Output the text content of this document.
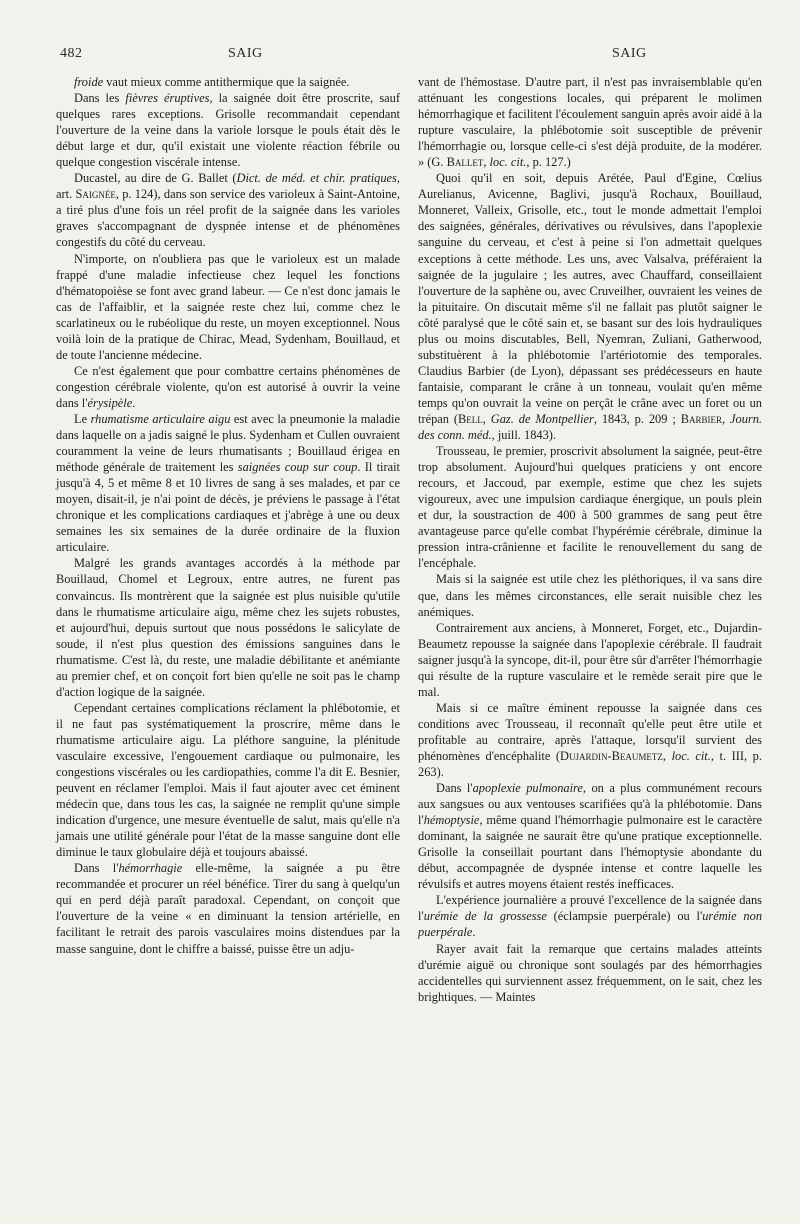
482	SAIG	SAIG

froide vaut mieux comme antithermique que la saignée.

Dans les fièvres éruptives, la saignée doit être proscrite, sauf quelques rares exceptions. Grisolle recommandait cependant l'ouverture de la veine dans la variole lorsque le pouls était dès le début large et dur, qu'il existait une violente réaction fébrile ou quelque congestion viscérale intense.

Ducastel, au dire de G. Ballet (Dict. de méd. et chir. pratiques, art. Saignée, p. 124), dans son service des varioleux à Saint-Antoine, a tiré plus d'une fois un réel profit de la saignée dans les varioles graves s'accompagnant de dyspnée intense et de phénomènes congestifs du côté du cerveau.

N'importe, on n'oubliera pas que le varioleux est un malade frappé d'une maladie infectieuse chez lequel les fonctions d'hématopoièse se font avec grand labeur. — Ce n'est donc jamais le cas de l'affaiblir, et la saignée reste chez lui, comme chez le scarlatineux ou le rubéolique du reste, un moyen exceptionnel. Nous voilà loin de la pratique de Chirac, Mead, Sydenham, Bouillaud, et de toute l'ancienne médecine.

Ce n'est également que pour combattre certains phénomènes de congestion cérébrale violente, qu'on est autorisé à ouvrir la veine dans l'érysipèle.

Le rhumatisme articulaire aigu est avec la pneumonie la maladie dans laquelle on a jadis saigné le plus. Sydenham et Cullen ouvraient couramment la veine de leurs rhumatisants ; Bouillaud érigea en méthode générale de traitement les saignées coup sur coup. Il tirait jusqu'à 4, 5 et même 8 et 10 livres de sang à ses malades, et par ce moyen, disait-il, je n'ai point de décès, je préviens le passage à l'état chronique et les complications cardiaques et j'abrège à une ou deux semaines les six semaines de la durée ordinaire de la fluxion articulaire.

Malgré les grands avantages accordés à la méthode par Bouillaud, Chomel et Legroux, entre autres, ne furent pas convaincus. Ils montrèrent que la saignée est plus nuisible qu'utile dans le rhumatisme articulaire aigu, même chez les sujets robustes, et aujourd'hui, depuis surtout que nous possédons le salicylate de soude, il n'est plus question des émissions sanguines dans le rhumatisme. C'est là, du reste, une maladie débilitante et anémiante au premier chef, et on conçoit fort bien qu'elle ne soit pas le champ d'action logique de la saignée.

Cependant certaines complications réclament la phlébotomie, et il ne faut pas systématiquement la proscrire, même dans le rhumatisme articulaire aigu. La pléthore sanguine, la plénitude vasculaire excessive, l'engouement cardiaque ou pulmonaire, les congestions viscérales ou les cardiopathies, comme l'a dit E. Besnier, peuvent en réclamer l'emploi. Mais il faut ajouter avec cet éminent médecin que, dans tous les cas, la saignée ne remplit qu'une simple indication d'urgence, une mesure éventuelle de salut, mais qu'elle n'a jamais une utilité générale pour l'état de la masse sanguine dont elle diminue le taux globulaire déjà et toujours abaissé.

Dans l'hémorrhagie elle-même, la saignée a pu être recommandée et procurer un réel bénéfice. Tirer du sang à quelqu'un qui en perd déjà paraît paradoxal. Cependant, on conçoit que l'ouverture de la veine « en diminuant la tension artérielle, en facilitant le retrait des parois vasculaires moins distendues par la masse sanguine, dont le chiffre a baissé, puisse être un adju-

vant de l'hémostase. D'autre part, il n'est pas invraisemblable qu'en atténuant les congestions locales, qui préparent le molimen hémorrhagique et facilitent l'écoulement sanguin après avoir aidé à la rupture vasculaire, la phlébotomie soit susceptible de prévenir l'hémorrhagie ou, lorsque celle-ci s'est déjà produite, de la modérer. » (G. Ballet, loc. cit., p. 127.)

Quoi qu'il en soit, depuis Arétée, Paul d'Egine, Cœlius Aurelianus, Avicenne, Baglivi, jusqu'à Rochaux, Bouillaud, Monneret, Valleix, Grisolle, etc., tout le monde admettait l'emploi des saignées, générales, dérivatives ou révulsives, dans l'apoplexie sanguine du cerveau, et c'est à peine si l'on admettait quelques exceptions à cette méthode. Les uns, avec Valsalva, préféraient la saignée de la jugulaire ; les autres, avec Chauffard, conseillaient l'ouverture de la saphène ou, avec Cruveilher, ouvraient les veines de la pituitaire. On discutait même s'il ne fallait pas plutôt saigner le côté paralysé que le côté sain et, se basant sur des lois hydrauliques plus ou moins discutables, Bell, Nyemran, Zuliani, Gatherwood, substituèrent à la phlébotomie l'artériotomie des temporales. Claudius Barbier (de Lyon), dépassant ses prédécesseurs en haute fantaisie, comparant le crâne à un tonneau, voulait qu'en même temps qu'on ouvrait la veine on perçât le crâne avec un foret ou un trépan (Bell, Gaz. de Montpellier, 1843, p. 209 ; Barbier, Journ. des conn. méd., juill. 1843).

Trousseau, le premier, proscrivit absolument la saignée, peut-être trop absolument. Aujourd'hui quelques praticiens y ont encore recours, et Jaccoud, par exemple, estime que chez les sujets vigoureux, avec une impulsion cardiaque énergique, un pouls plein et dur, la soustraction de 400 à 500 grammes de sang peut être avantageuse parce qu'elle combat l'hypérémie cérébrale, diminue la pression intra-crânienne et facilite le renouvellement du sang de l'encéphale.

Mais si la saignée est utile chez les pléthoriques, il va sans dire que, dans les mêmes circonstances, elle serait nuisible chez les anémiques.

Contrairement aux anciens, à Monneret, Forget, etc., Dujardin-Beaumetz repousse la saignée dans l'apoplexie cérébrale. Il faudrait saigner jusqu'à la syncope, dit-il, pour être sûr d'arrêter l'hémorrhagie qui résulte de la rupture vasculaire et le remède serait pire que le mal.

Mais si ce maître éminent repousse la saignée dans ces conditions avec Trousseau, il reconnaît qu'elle peut être utile et profitable au contraire, après l'attaque, lorsqu'il survient des phénomènes d'encéphalite (Dujardin-Beaumetz, loc. cit., t. III, p. 263).

Dans l'apoplexie pulmonaire, on a plus communément recours aux sangsues ou aux ventouses scarifiées qu'à la phlébotomie. Dans l'hémoptysie, même quand l'hémorrhagie pulmonaire est le caractère dominant, la saignée ne saurait être qu'une pratique exceptionnelle. Grisolle la conseillait pourtant dans l'hémoptysie abondante du début, accompagnée de dyspnée intense et contre laquelle les révulsifs et autres moyens étaient restés inefficaces.

L'expérience journalière a prouvé l'excellence de la saignée dans l'urémie de la grossesse (éclampsie puerpérale) ou l'urémie non puerpérale.

Rayer avait fait la remarque que certains malades atteints d'urémie aiguë ou chronique sont soulagés par des hémorrhagies accidentelles qui surviennent assez fréquemment, on le sait, chez les brightiques. — Maintes
